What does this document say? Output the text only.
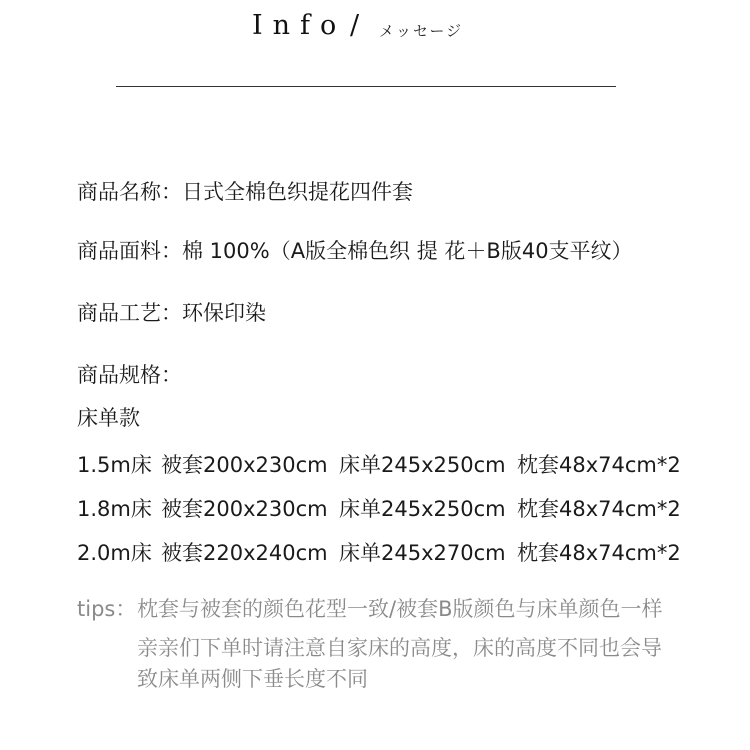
Info / メッセージ
商品名称：日式全棉色织提花四件套
商品面料：棉 100%（A版全棉色织 提 花＋B版40支平纹）
商品工艺：环保印染
商品规格：
床单款
1.5m床 被套200x230cm 床单245x250cm 枕套48x74cm*2
1.8m床 被套200x230cm 床单245x250cm 枕套48x74cm*2
2.0m床 被套220x240cm 床单245x270cm 枕套48x74cm*2
tips： 枕套与被套的颜色花型一致/被套B版颜色与床单颜色一样
亲亲们下单时请注意自家床的高度，床的高度不同也会导
致床单两侧下垂长度不同
